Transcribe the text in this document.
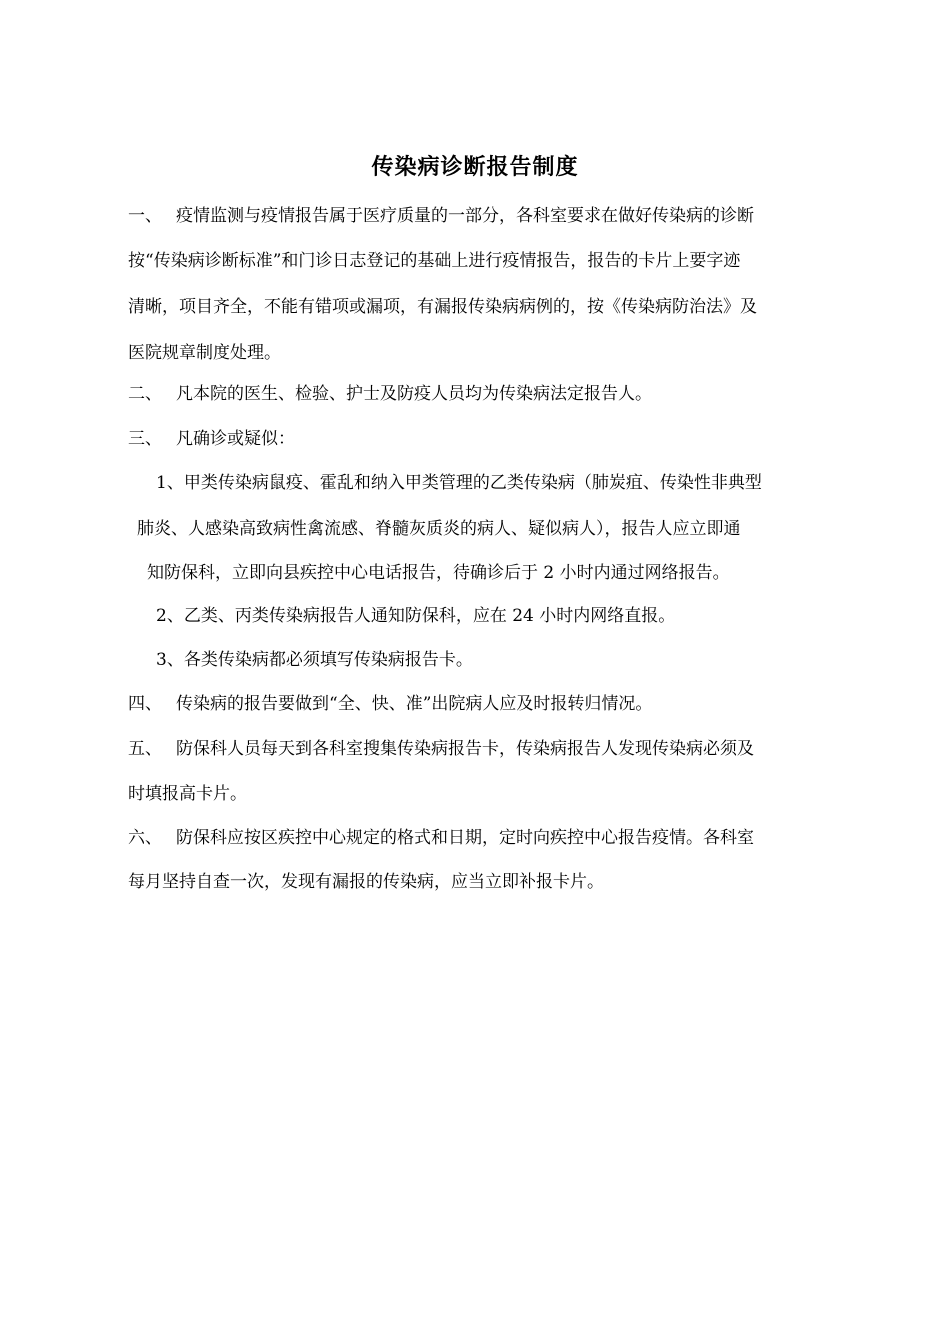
传染病诊断报告制度
一、 疫情监测与疫情报告属于医疗质量的一部分，各科室要求在做好传染病的诊断
按“传染病诊断标准”和门诊日志登记的基础上进行疫情报告，报告的卡片上要字迹
清晰，项目齐全，不能有错项或漏项，有漏报传染病病例的，按《传染病防治法》及
医院规章制度处理。
二、 凡本院的医生、检验、护士及防疫人员均为传染病法定报告人。
三、 凡确诊或疑似：
1、甲类传染病鼠疫、霍乱和纳入甲类管理的乙类传染病（肺炭疽、传染性非典型
肺炎、人感染高致病性禽流感、脊髓灰质炎的病人、疑似病人），报告人应立即通
知防保科，立即向县疾控中心电话报告，待确诊后于 2 小时内通过网络报告。
2、乙类、丙类传染病报告人通知防保科，应在 24 小时内网络直报。
3、各类传染病都必须填写传染病报告卡。
四、 传染病的报告要做到“全、快、准”出院病人应及时报转归情况。
五、 防保科人员每天到各科室搜集传染病报告卡，传染病报告人发现传染病必须及
时填报高卡片。
六、 防保科应按区疾控中心规定的格式和日期，定时向疾控中心报告疫情。各科室
每月坚持自查一次，发现有漏报的传染病，应当立即补报卡片。
